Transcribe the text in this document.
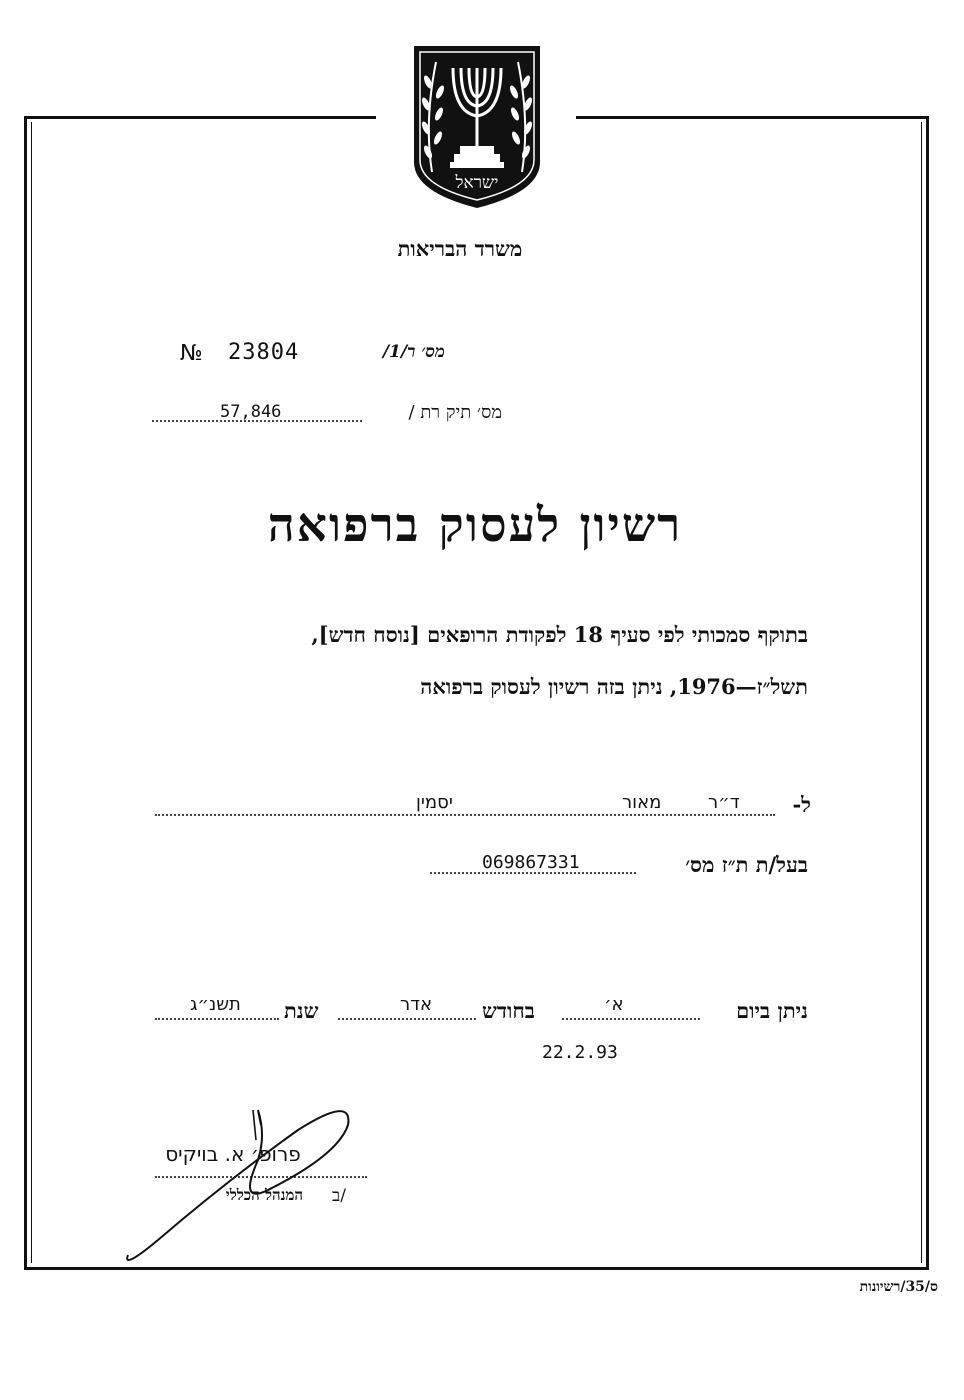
ישראל
משרד הבריאות
מס׳ ר/1/
№ 23804
מס׳ תיק רת /
57,846
רשיון לעסוק ברפואה
בתוקף סמכותי לפי סעיף 18 לפקודת הרופאים [נוסח חדש],
תשל״ז—1976, ניתן בזה רשיון לעסוק ברפואה
ל-
ד״ר
מאור
יסמין
בעל/ת ת״ז מס׳
069867331
ניתן ביום
א׳
בחודש
אדר
שנת
תשנ״ג
22.2.93
פרופ׳ א. בויקיס
ב/
המנהל הכללי
ס/35/רשיונות
